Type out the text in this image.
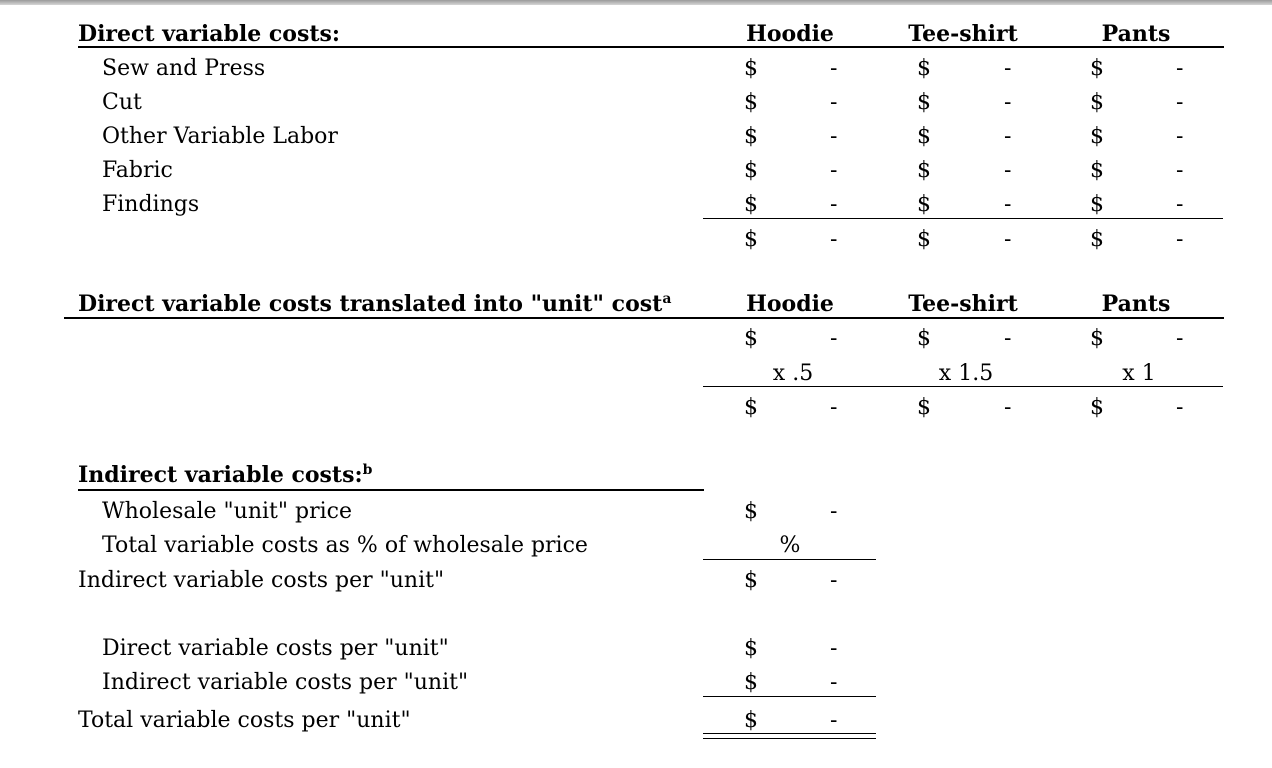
Direct variable costs:	Hoodie	Tee-shirt	Pants
Sew and Press	$	-	$	-	$	-
Cut	$	-	$	-	$	-
Other Variable Labor	$	-	$	-	$	-
Fabric	$	-	$	-	$	-
Findings	$	-	$	-	$	-
$	-	$	-	$	-
Direct variable costs translated into "unit" cost$^a$	Hoodie	Tee-shirt	Pants
$	-	$	-	$	-
x .5	x 1.5	x 1
$	-	$	-	$	-
Indirect variable costs:$^b$
Wholesale "unit" price	$	-
Total variable costs as % of wholesale price	%
Indirect variable costs per "unit"	$	-
Direct variable costs per "unit"	$	-
Indirect variable costs per "unit"	$	-
Total variable costs per "unit"	$	-
